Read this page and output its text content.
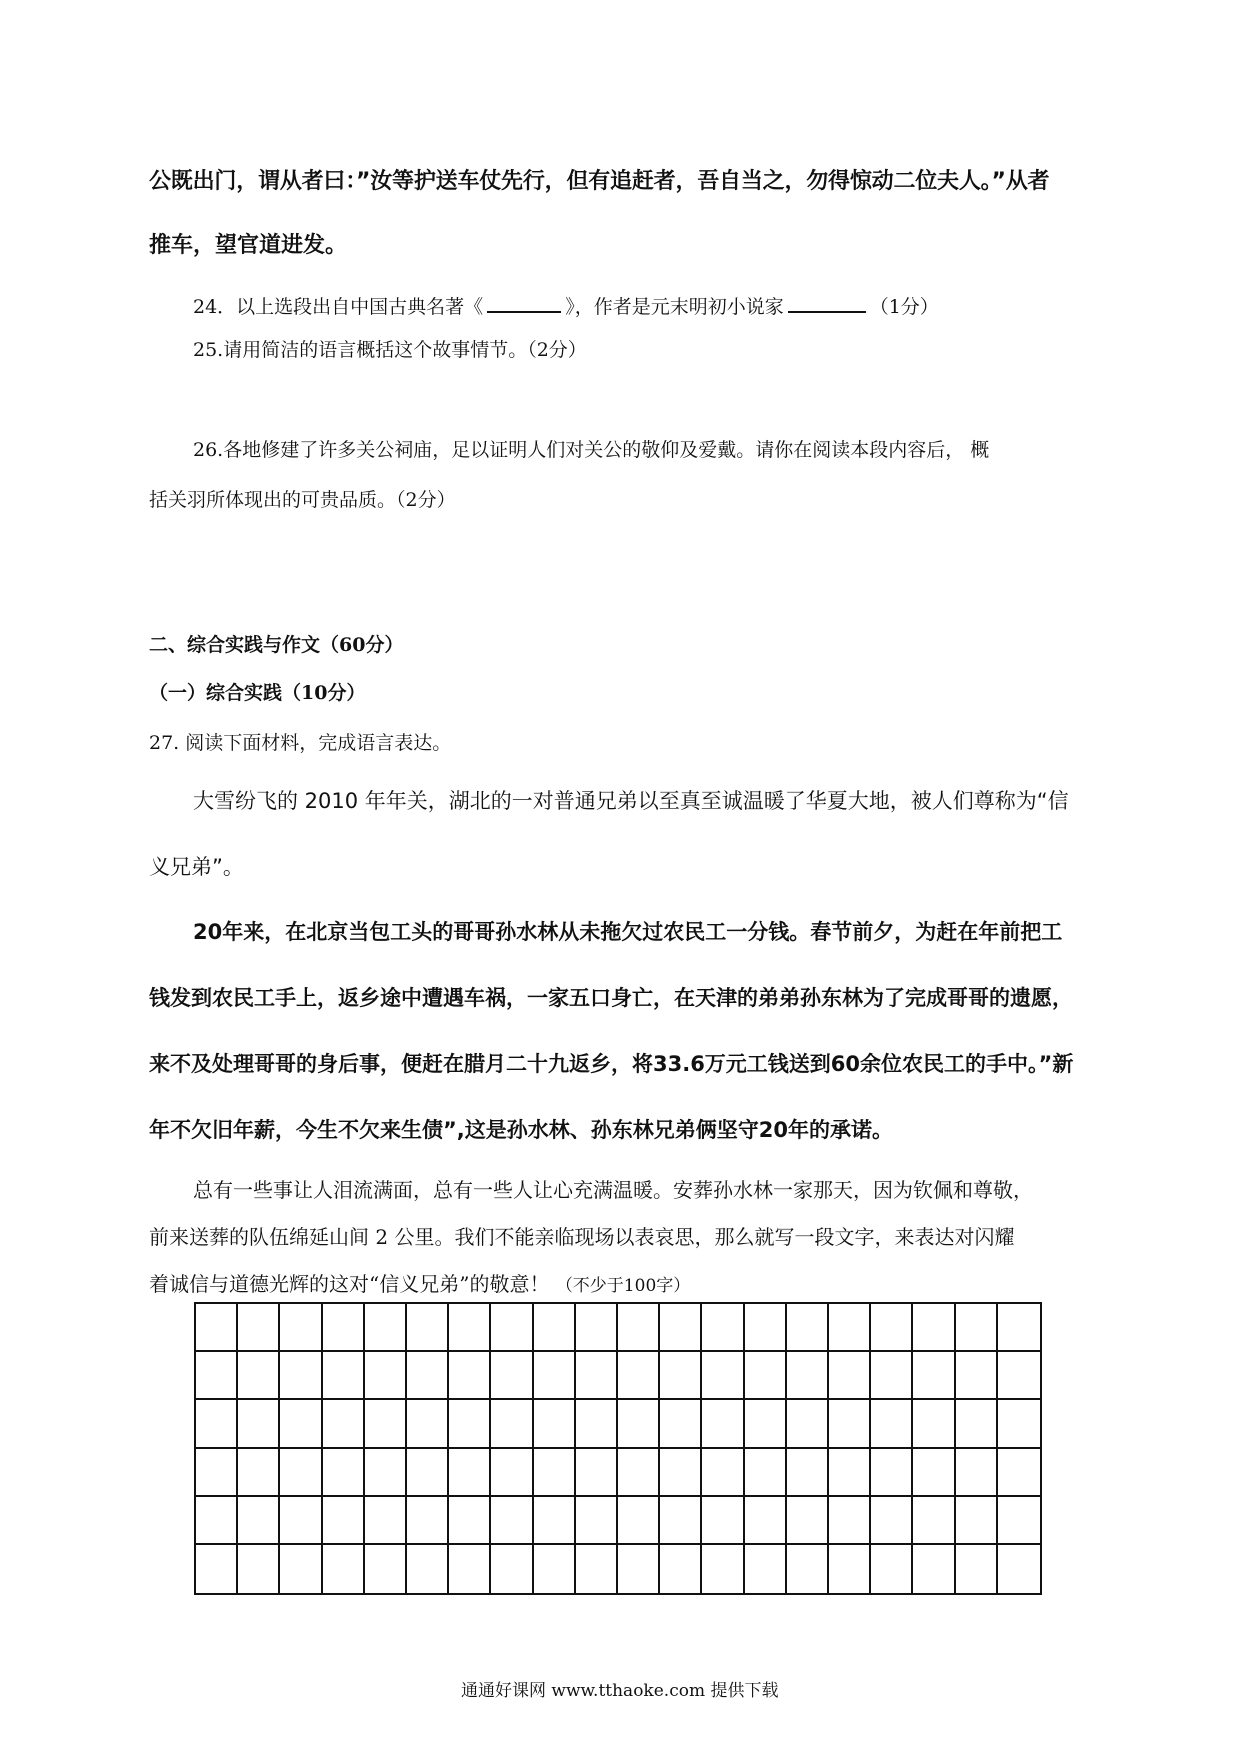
公既出门，谓从者曰：”汝等护送车仗先行，但有追赶者，吾自当之，勿得惊动二位夫人。”从者
推车，望官道进发。
24．以上选段出自中国古典名著《	》，作者是元末明初小说家	（1分）
25.请用简洁的语言概括这个故事情节。（2分）
26.各地修建了许多关公祠庙，足以证明人们对关公的敬仰及爱戴。请你在阅读本段内容后， 概
括关羽所体现出的可贵品质。（2分）
二、综合实践与作文（60分）
（一）综合实践（10分）
27. 阅读下面材料，完成语言表达。
大雪纷飞的 2010 年年关，湖北的一对普通兄弟以至真至诚温暖了华夏大地，被人们尊称为“信
义兄弟”。
20年来，在北京当包工头的哥哥孙水林从未拖欠过农民工一分钱。春节前夕，为赶在年前把工
钱发到农民工手上，返乡途中遭遇车祸，一家五口身亡，在天津的弟弟孙东林为了完成哥哥的遗愿，
来不及处理哥哥的身后事，便赶在腊月二十九返乡，将33.6万元工钱送到60余位农民工的手中。”新
年不欠旧年薪，今生不欠来生债”,这是孙水林、孙东林兄弟俩坚守20年的承诺。
总有一些事让人泪流满面，总有一些人让心充满温暖。安葬孙水林一家那天，因为钦佩和尊敬，
前来送葬的队伍绵延山间 2 公里。我们不能亲临现场以表哀思，那么就写一段文字，来表达对闪耀
着诚信与道德光辉的这对“信义兄弟”的敬意！ （不少于100字）
通通好课网 www.tthaoke.com 提供下载
